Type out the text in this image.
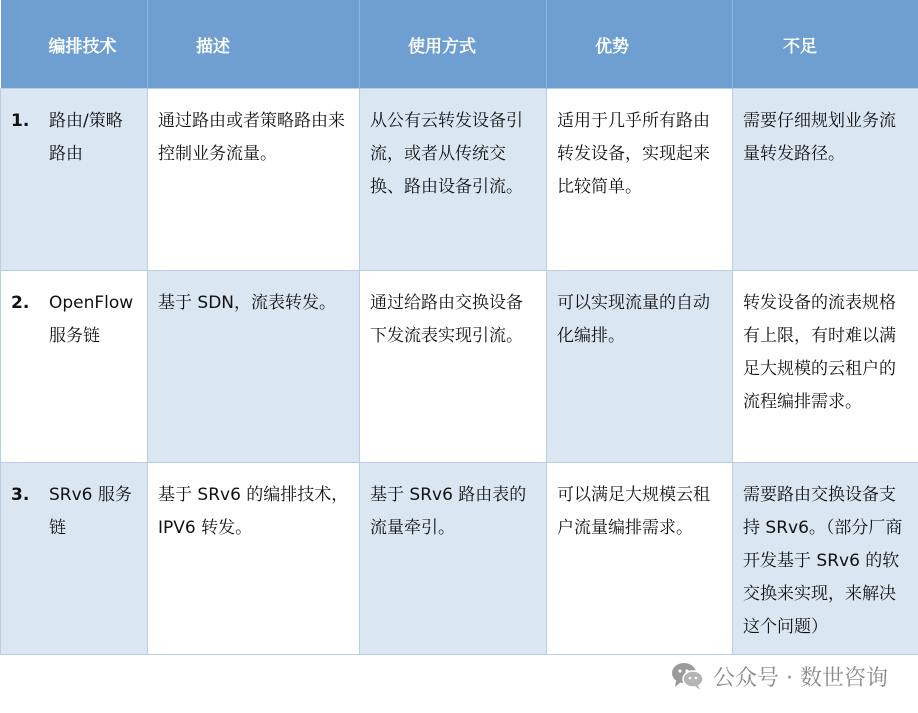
编排技术	描述	使用方式	优势	不足

1. 路由/策略路由	通过路由或者策略路由来控制业务流量。	从公有云转发设备引流，或者从传统交换、路由设备引流。	适用于几乎所有路由转发设备，实现起来比较简单。	需要仔细规划业务流量转发路径。
2. OpenFlow服务链	基于 SDN，流表转发。	通过给路由交换设备下发流表实现引流。	可以实现流量的自动化编排。	转发设备的流表规格有上限，有时难以满足大规模的云租户的流程编排需求。
3. SRv6 服务链	基于 SRv6 的编排技术，IPV6 转发。	基于 SRv6 路由表的流量牵引。	可以满足大规模云租户流量编排需求。	需要路由交换设备支持 SRv6。（部分厂商开发基于 SRv6 的软交换来实现，来解决这个问题）
公众号 · 数世咨询
